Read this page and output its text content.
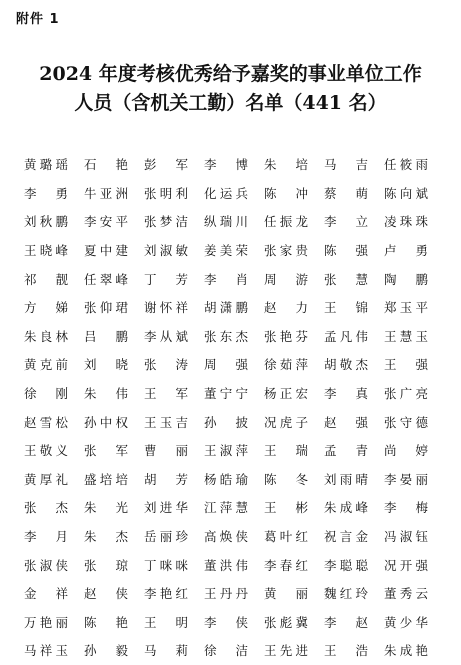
附件 1
2024 年度考核优秀给予嘉奖的事业单位工作
人员（含机关工勤）名单（441 名）
黄 璐 瑶 石 艳 彭 军 李 博 朱 培 马 吉 任 筱 雨
李 勇 牛 亚 洲 张 明 利 化 运 兵 陈 冲 蔡 萌 陈 向 斌
刘 秋 鹏 李 安 平 张 梦 洁 纵 瑞 川 任 振 龙 李 立 凌 珠 珠
王 晓 峰 夏 中 建 刘 淑 敏 姜 美 荣 张 家 贵 陈 强 卢 勇
祁 靓 任 翠 峰 丁 芳 李 肖 周 游 张 慧 陶 鹏
方 娣 张 仰 珺 谢 怀 祥 胡 潇 鹏 赵 力 王 锦 郑 玉 平
朱 良 林 吕 鹏 李 从 斌 张 东 杰 张 艳 芬 孟 凡 伟 王 慧 玉
黄 克 前 刘 晓 张 涛 周 强 徐 茹 萍 胡 敬 杰 王 强
徐 刚 朱 伟 王 军 董 宁 宁 杨 正 宏 李 真 张 广 亮
赵 雪 松 孙 中 权 王 玉 吉 孙 披 况 虎 子 赵 强 张 守 德
王 敬 义 张 军 曹 丽 王 淑 萍 王 瑞 孟 青 尚 婷
黄 厚 礼 盛 培 培 胡 芳 杨 皓 瑜 陈 冬 刘 雨 晴 李 晏 丽
张 杰 朱 光 刘 进 华 江 萍 慧 王 彬 朱 成 峰 李 梅
李 月 朱 杰 岳 丽 珍 高 焕 侠 葛 叶 红 祝 言 金 冯 淑 钰
张 淑 侠 张 琼 丁 咪 咪 董 洪 伟 李 春 红 李 聪 聪 况 开 强
金 祥 赵 侠 李 艳 红 王 丹 丹 黄 丽 魏 红 玲 董 秀 云
万 艳 丽 陈 艳 王 明 李 侠 张 彪 冀 李 赵 黄 少 华
马 祥 玉 孙 毅 马 莉 徐 洁 王 先 进 王 浩 朱 成 艳
